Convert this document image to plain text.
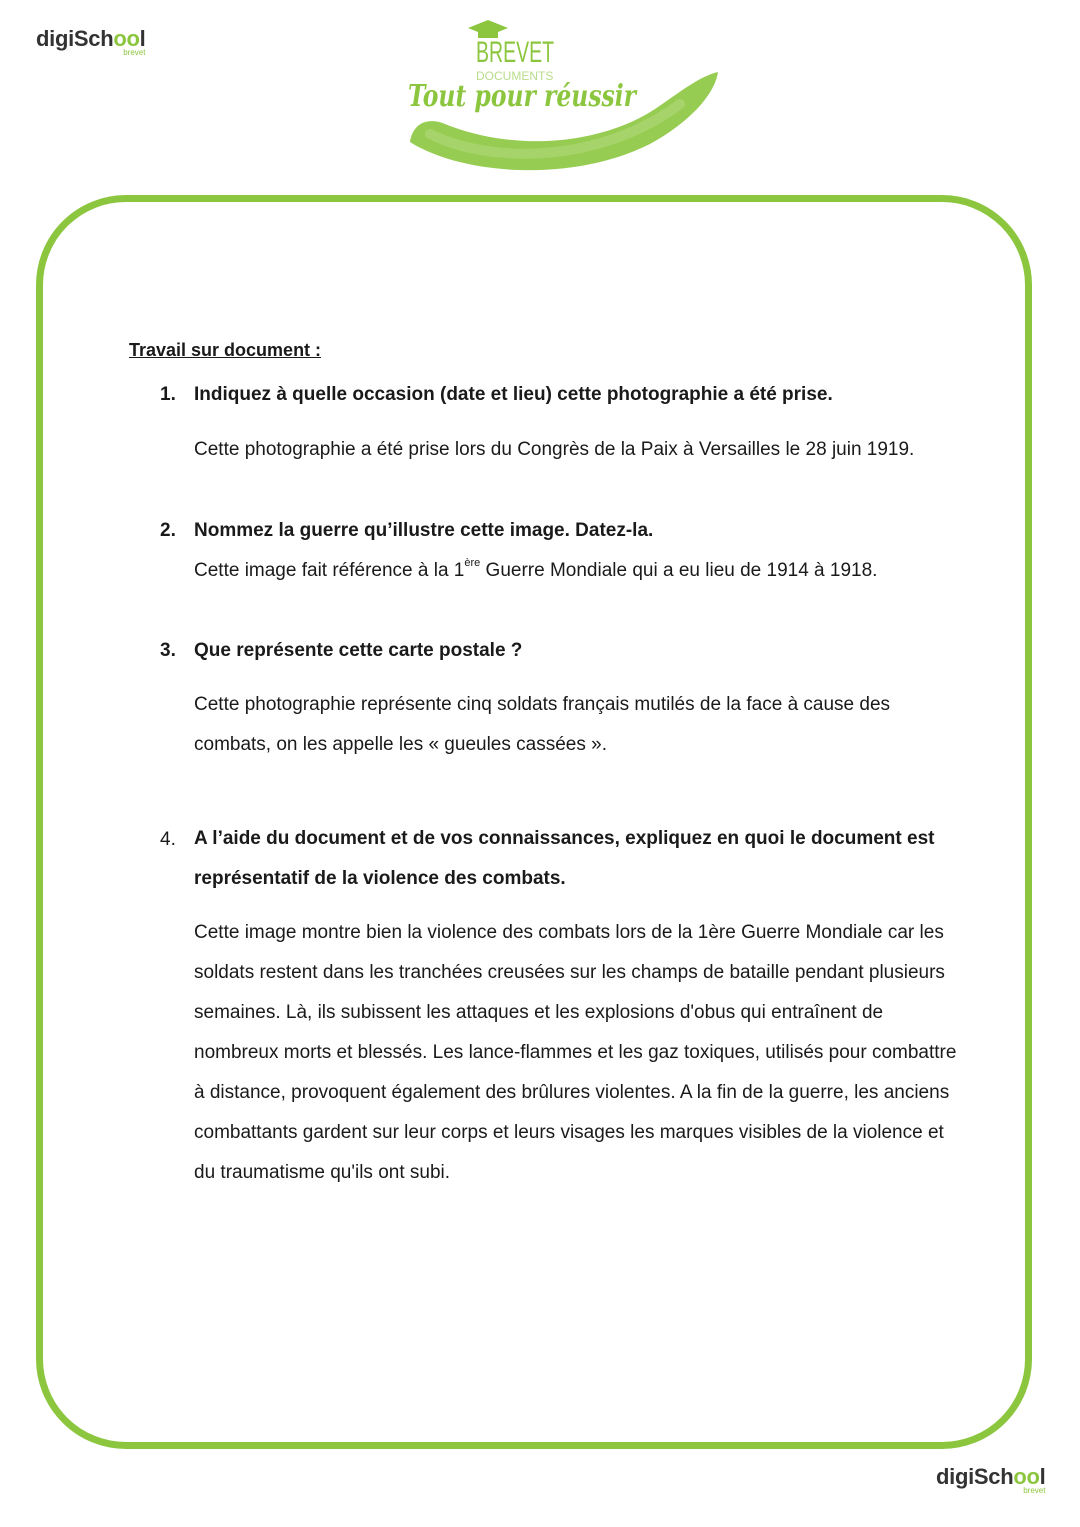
digiSchool
brevet	BREVET
DOCUMENTS
Tout pour réussir
Travail sur document :
1. Indiquez à quelle occasion (date et lieu) cette photographie a été prise.
Cette photographie a été prise lors du Congrès de la Paix à Versailles le 28 juin 1919.
2. Nommez la guerre qu’illustre cette image. Datez-la.
Cette image fait référence à la 1ère Guerre Mondiale qui a eu lieu de 1914 à 1918.
3. Que représente cette carte postale ?
Cette photographie représente cinq soldats français mutilés de la face à cause des combats, on les appelle les « gueules cassées ».
4. A l’aide du document et de vos connaissances, expliquez en quoi le document est représentatif de la violence des combats.
Cette image montre bien la violence des combats lors de la 1ère Guerre Mondiale car les soldats restent dans les tranchées creusées sur les champs de bataille pendant plusieurs semaines. Là, ils subissent les attaques et les explosions d'obus qui entraînent de nombreux morts et blessés. Les lance-flammes et les gaz toxiques, utilisés pour combattre à distance, provoquent également des brûlures violentes. A la fin de la guerre, les anciens combattants gardent sur leur corps et leurs visages les marques visibles de la violence et du traumatisme qu'ils ont subi.
digiSchool
brevet
